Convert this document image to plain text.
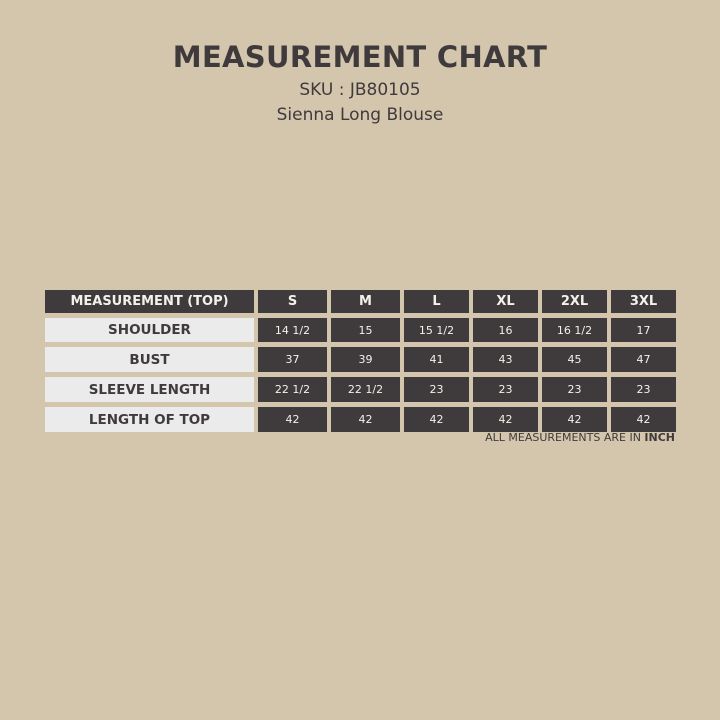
MEASUREMENT CHART
SKU : JB80105
Sienna Long Blouse
MEASUREMENT (TOP)	S	M	L	XL	2XL	3XL
SHOULDER	14 1/2	15	15 1/2	16	16 1/2	17
BUST	37	39	41	43	45	47
SLEEVE LENGTH	22 1/2	22 1/2	23	23	23	23
LENGTH OF TOP	42	42	42	42	42	42
ALL MEASUREMENTS ARE IN INCH
